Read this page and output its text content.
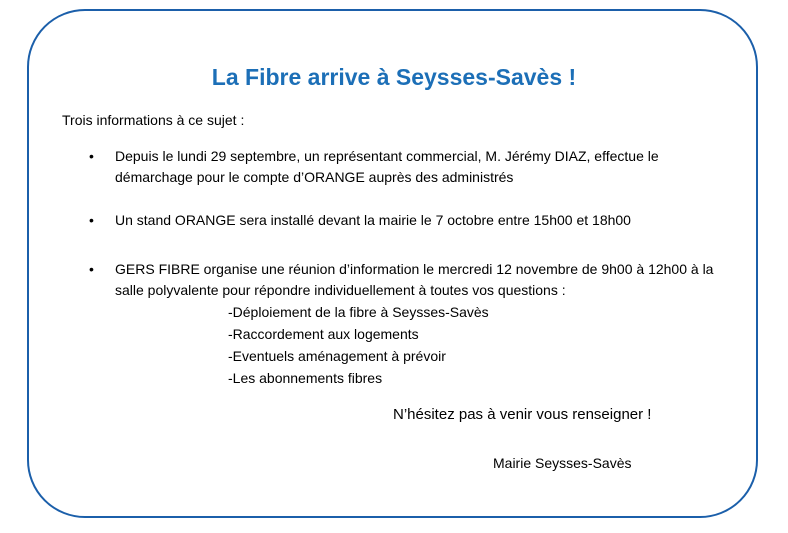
La Fibre arrive à Seysses-Savès !
Trois informations à ce sujet :
• Depuis le lundi 29 septembre, un représentant commercial, M. Jérémy DIAZ, effectue le démarchage pour le compte d’ORANGE auprès des administrés
• Un stand ORANGE sera installé devant la mairie le 7 octobre entre 15h00 et 18h00
• GERS FIBRE organise une réunion d’information le mercredi 12 novembre de 9h00 à 12h00 à la salle polyvalente pour répondre individuellement à toutes vos questions :
-Déploiement de la fibre à Seysses-Savès
-Raccordement aux logements
-Eventuels aménagement à prévoir
-Les abonnements fibres
N’hésitez pas à venir vous renseigner !
Mairie Seysses-Savès
